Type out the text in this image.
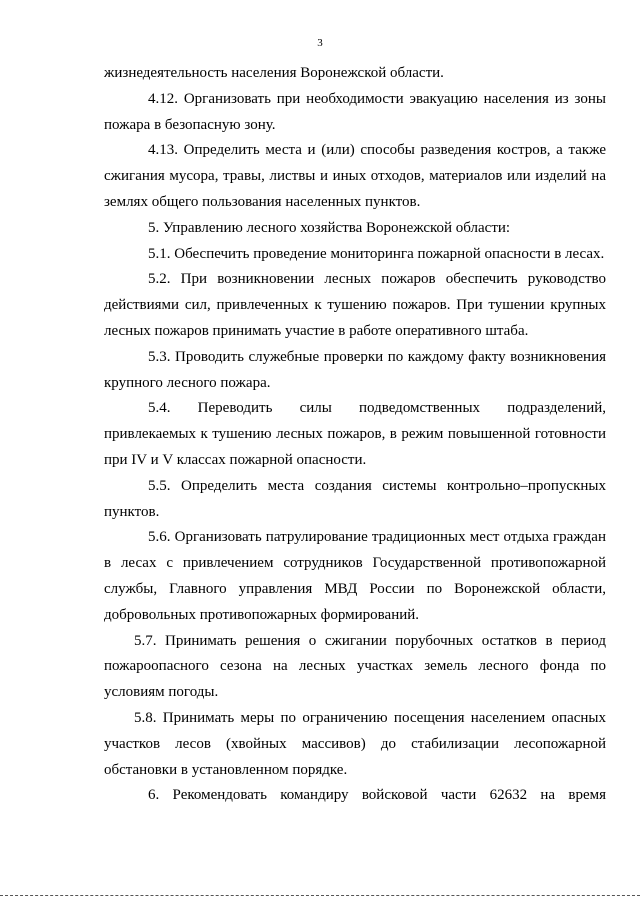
3
жизнедеятельность населения Воронежской области.
4.12. Организовать при необходимости эвакуацию населения из зоны
пожара в безопасную зону.
4.13. Определить места и (или) способы разведения костров, а также
сжигания мусора, травы, листвы и иных отходов, материалов или изделий на
землях общего пользования населенных пунктов.
5. Управлению лесного хозяйства Воронежской области:
5.1. Обеспечить проведение мониторинга пожарной опасности в лесах.
5.2. При возникновении лесных пожаров обеспечить руководство
действиями сил, привлеченных к тушению пожаров. При тушении крупных
лесных пожаров принимать участие в работе оперативного штаба.
5.3. Проводить служебные проверки по каждому факту возникновения
крупного лесного пожара.
5.4. Переводить силы подведомственных подразделений,
привлекаемых к тушению лесных пожаров, в режим повышенной готовности
при IV и V классах пожарной опасности.
5.5. Определить места создания системы контрольно–пропускных
пунктов.
5.6. Организовать патрулирование традиционных мест отдыха граждан
в лесах с привлечением сотрудников Государственной противопожарной
службы, Главного управления МВД России по Воронежской области,
добровольных противопожарных формирований.
5.7. Принимать решения о сжигании порубочных остатков в период
пожароопасного сезона на лесных участках земель лесного фонда по
условиям погоды.
5.8. Принимать меры по ограничению посещения населением опасных
участков лесов (хвойных массивов) до стабилизации лесопожарной
обстановки в установленном порядке.
6. Рекомендовать командиру войсковой части 62632 на время
